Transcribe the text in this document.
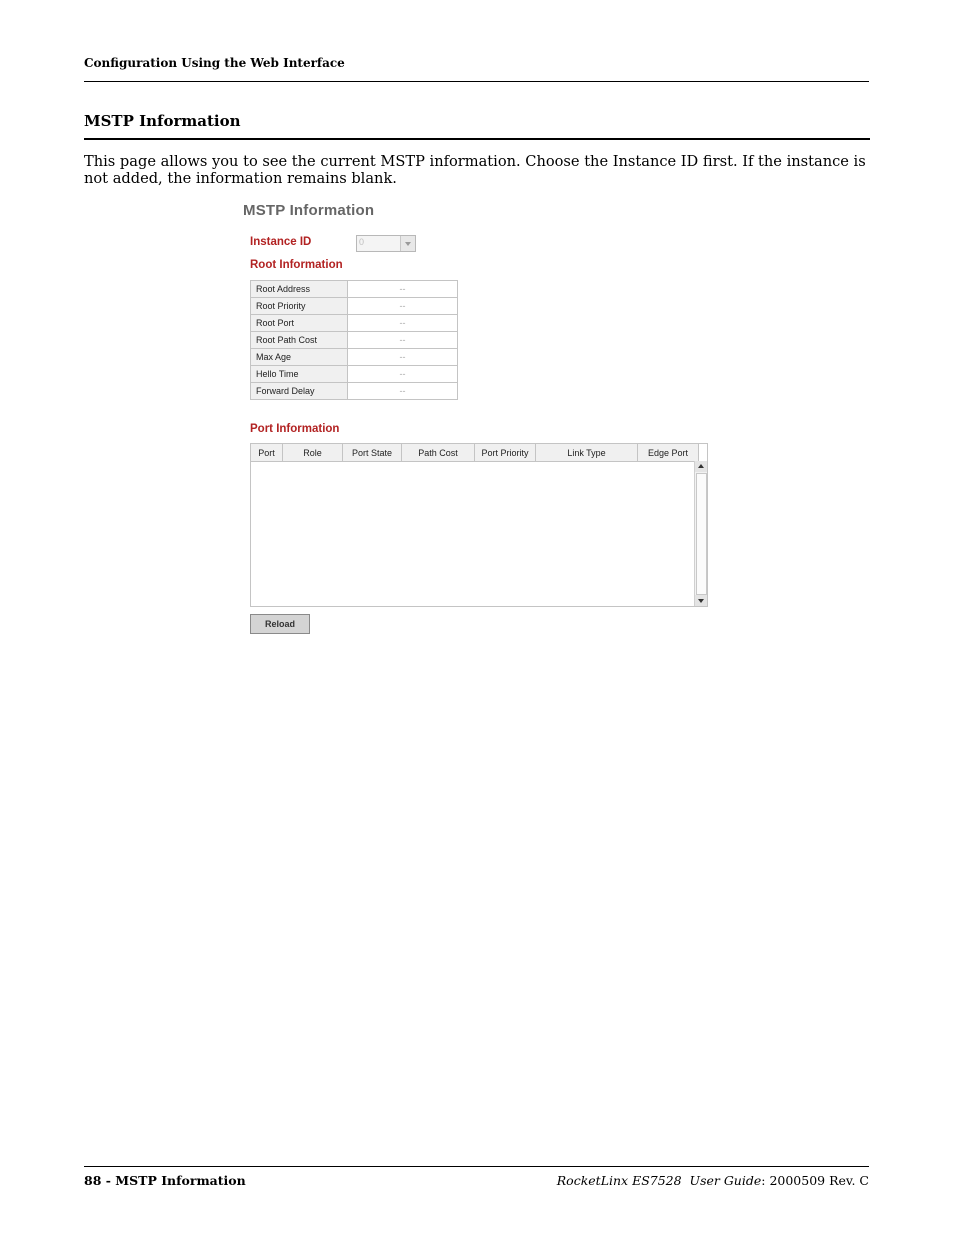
Configuration Using the Web Interface
MSTP Information

This page allows you to see the current MSTP information. Choose the Instance ID first. If the instance is not added, the information remains blank.

MSTP Information
Instance ID	0
Root Information
Root Address	--
Root Priority	--
Root Port	--
Root Path Cost	--
Max Age	--
Hello Time	--
Forward Delay	--
Port Information
Port	Role	Port State	Path Cost	Port Priority	Link Type	Edge Port
Reload
88 - MSTP Information	RocketLinx ES7528 User Guide: 2000509 Rev. C
